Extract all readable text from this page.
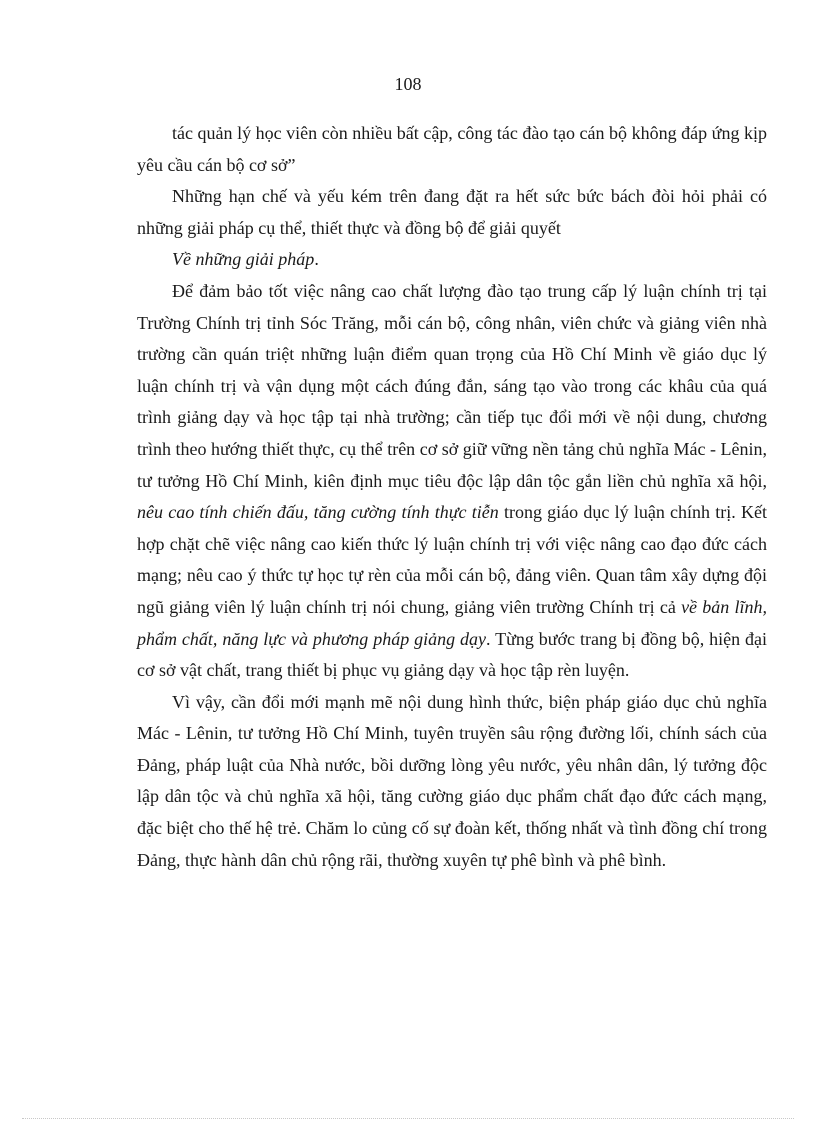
108

tác quản lý học viên còn nhiều bất cập, công tác đào tạo cán bộ không đáp ứng kịp yêu cầu cán bộ cơ sở”

Những hạn chế và yếu kém trên đang đặt ra hết sức bức bách đòi hỏi phải có những giải pháp cụ thể, thiết thực và đồng bộ để giải quyết

Về những giải pháp.

Để đảm bảo tốt việc nâng cao chất lượng đào tạo trung cấp lý luận chính trị tại Trường Chính trị tỉnh Sóc Trăng, mỗi cán bộ, công nhân, viên chức và giảng viên nhà trường cần quán triệt những luận điểm quan trọng của Hồ Chí Minh về giáo dục lý luận chính trị và vận dụng một cách đúng đắn, sáng tạo vào trong các khâu của quá trình giảng dạy và học tập tại nhà trường; cần tiếp tục đổi mới về nội dung, chương trình theo hướng thiết thực, cụ thể trên cơ sở giữ vững nền tảng chủ nghĩa Mác - Lênin, tư tưởng Hồ Chí Minh, kiên định mục tiêu độc lập dân tộc gắn liền chủ nghĩa xã hội, nêu cao tính chiến đấu, tăng cường tính thực tiễn trong giáo dục lý luận chính trị. Kết hợp chặt chẽ việc nâng cao kiến thức lý luận chính trị với việc nâng cao đạo đức cách mạng; nêu cao ý thức tự học tự rèn của mỗi cán bộ, đảng viên. Quan tâm xây dựng đội ngũ giảng viên lý luận chính trị nói chung, giảng viên trường Chính trị cả về bản lĩnh, phẩm chất, năng lực và phương pháp giảng dạy. Từng bước trang bị đồng bộ, hiện đại cơ sở vật chất, trang thiết bị phục vụ giảng dạy và học tập rèn luyện.

Vì vậy, cần đổi mới mạnh mẽ nội dung hình thức, biện pháp giáo dục chủ nghĩa Mác - Lênin, tư tưởng Hồ Chí Minh, tuyên truyền sâu rộng đường lối, chính sách của Đảng, pháp luật của Nhà nước, bồi dưỡng lòng yêu nước, yêu nhân dân, lý tưởng độc lập dân tộc và chủ nghĩa xã hội, tăng cường giáo dục phẩm chất đạo đức cách mạng, đặc biệt cho thế hệ trẻ. Chăm lo củng cố sự đoàn kết, thống nhất và tình đồng chí trong Đảng, thực hành dân chủ rộng rãi, thường xuyên tự phê bình và phê bình.
